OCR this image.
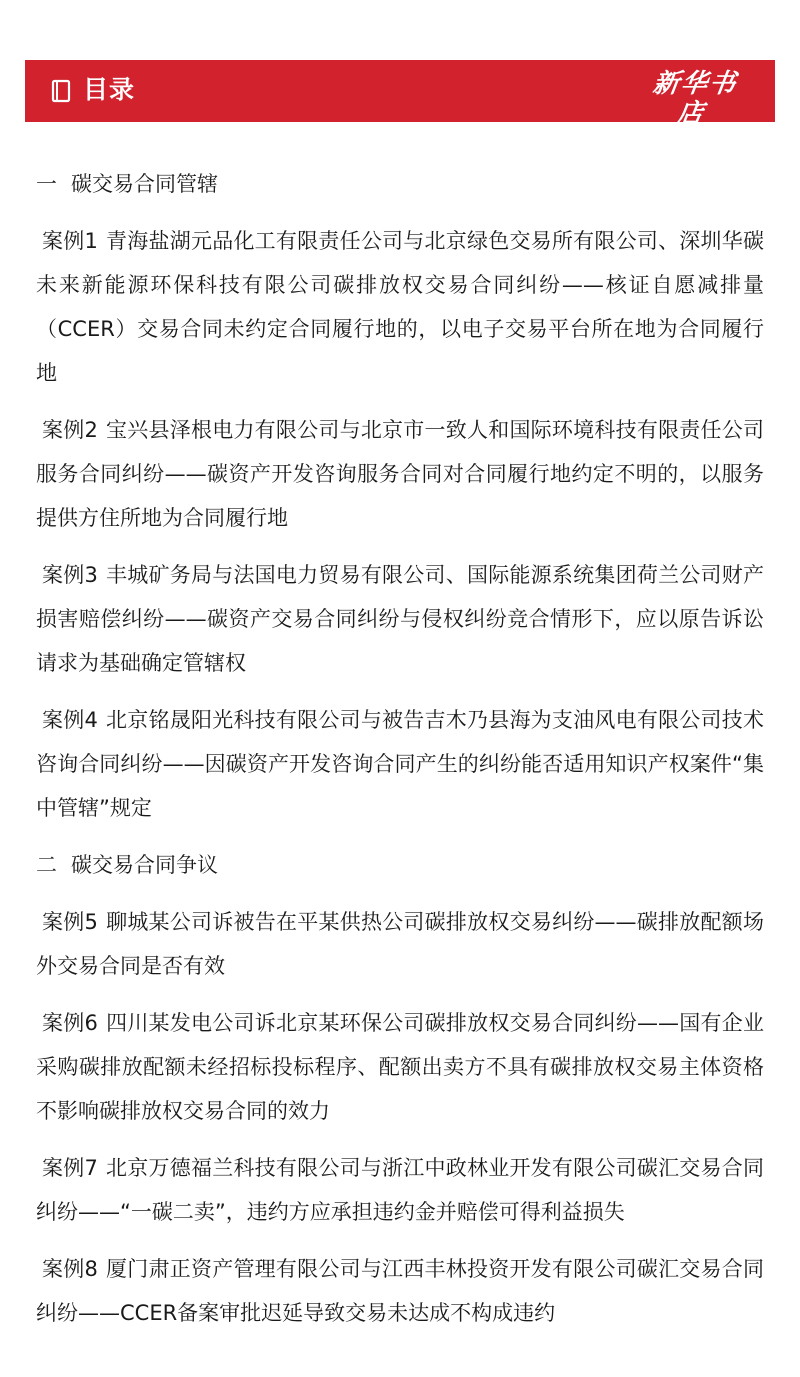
目录	新华书店
XINHUA BOOKSTORE
一 碳交易合同管辖
案例1 青海盐湖元品化工有限责任公司与北京绿色交易所有限公司、深圳华碳未来新能源环保科技有限公司碳排放权交易合同纠纷——核证自愿减排量（CCER）交易合同未约定合同履行地的，以电子交易平台所在地为合同履行地
案例2 宝兴县泽根电力有限公司与北京市一致人和国际环境科技有限责任公司服务合同纠纷——碳资产开发咨询服务合同对合同履行地约定不明的，以服务提供方住所地为合同履行地
案例3 丰城矿务局与法国电力贸易有限公司、国际能源系统集团荷兰公司财产损害赔偿纠纷——碳资产交易合同纠纷与侵权纠纷竞合情形下，应以原告诉讼请求为基础确定管辖权
案例4 北京铭晟阳光科技有限公司与被告吉木乃县海为支油风电有限公司技术咨询合同纠纷——因碳资产开发咨询合同产生的纠纷能否适用知识产权案件“集中管辖”规定
二 碳交易合同争议
案例5 聊城某公司诉被告在平某供热公司碳排放权交易纠纷——碳排放配额场外交易合同是否有效
案例6 四川某发电公司诉北京某环保公司碳排放权交易合同纠纷——国有企业采购碳排放配额未经招标投标程序、配额出卖方不具有碳排放权交易主体资格不影响碳排放权交易合同的效力
案例7 北京万德福兰科技有限公司与浙江中政林业开发有限公司碳汇交易合同纠纷——“一碳二卖”，违约方应承担违约金并赔偿可得利益损失
案例8 厦门肃正资产管理有限公司与江西丰林投资开发有限公司碳汇交易合同纠纷——CCER备案审批迟延导致交易未达成不构成违约
